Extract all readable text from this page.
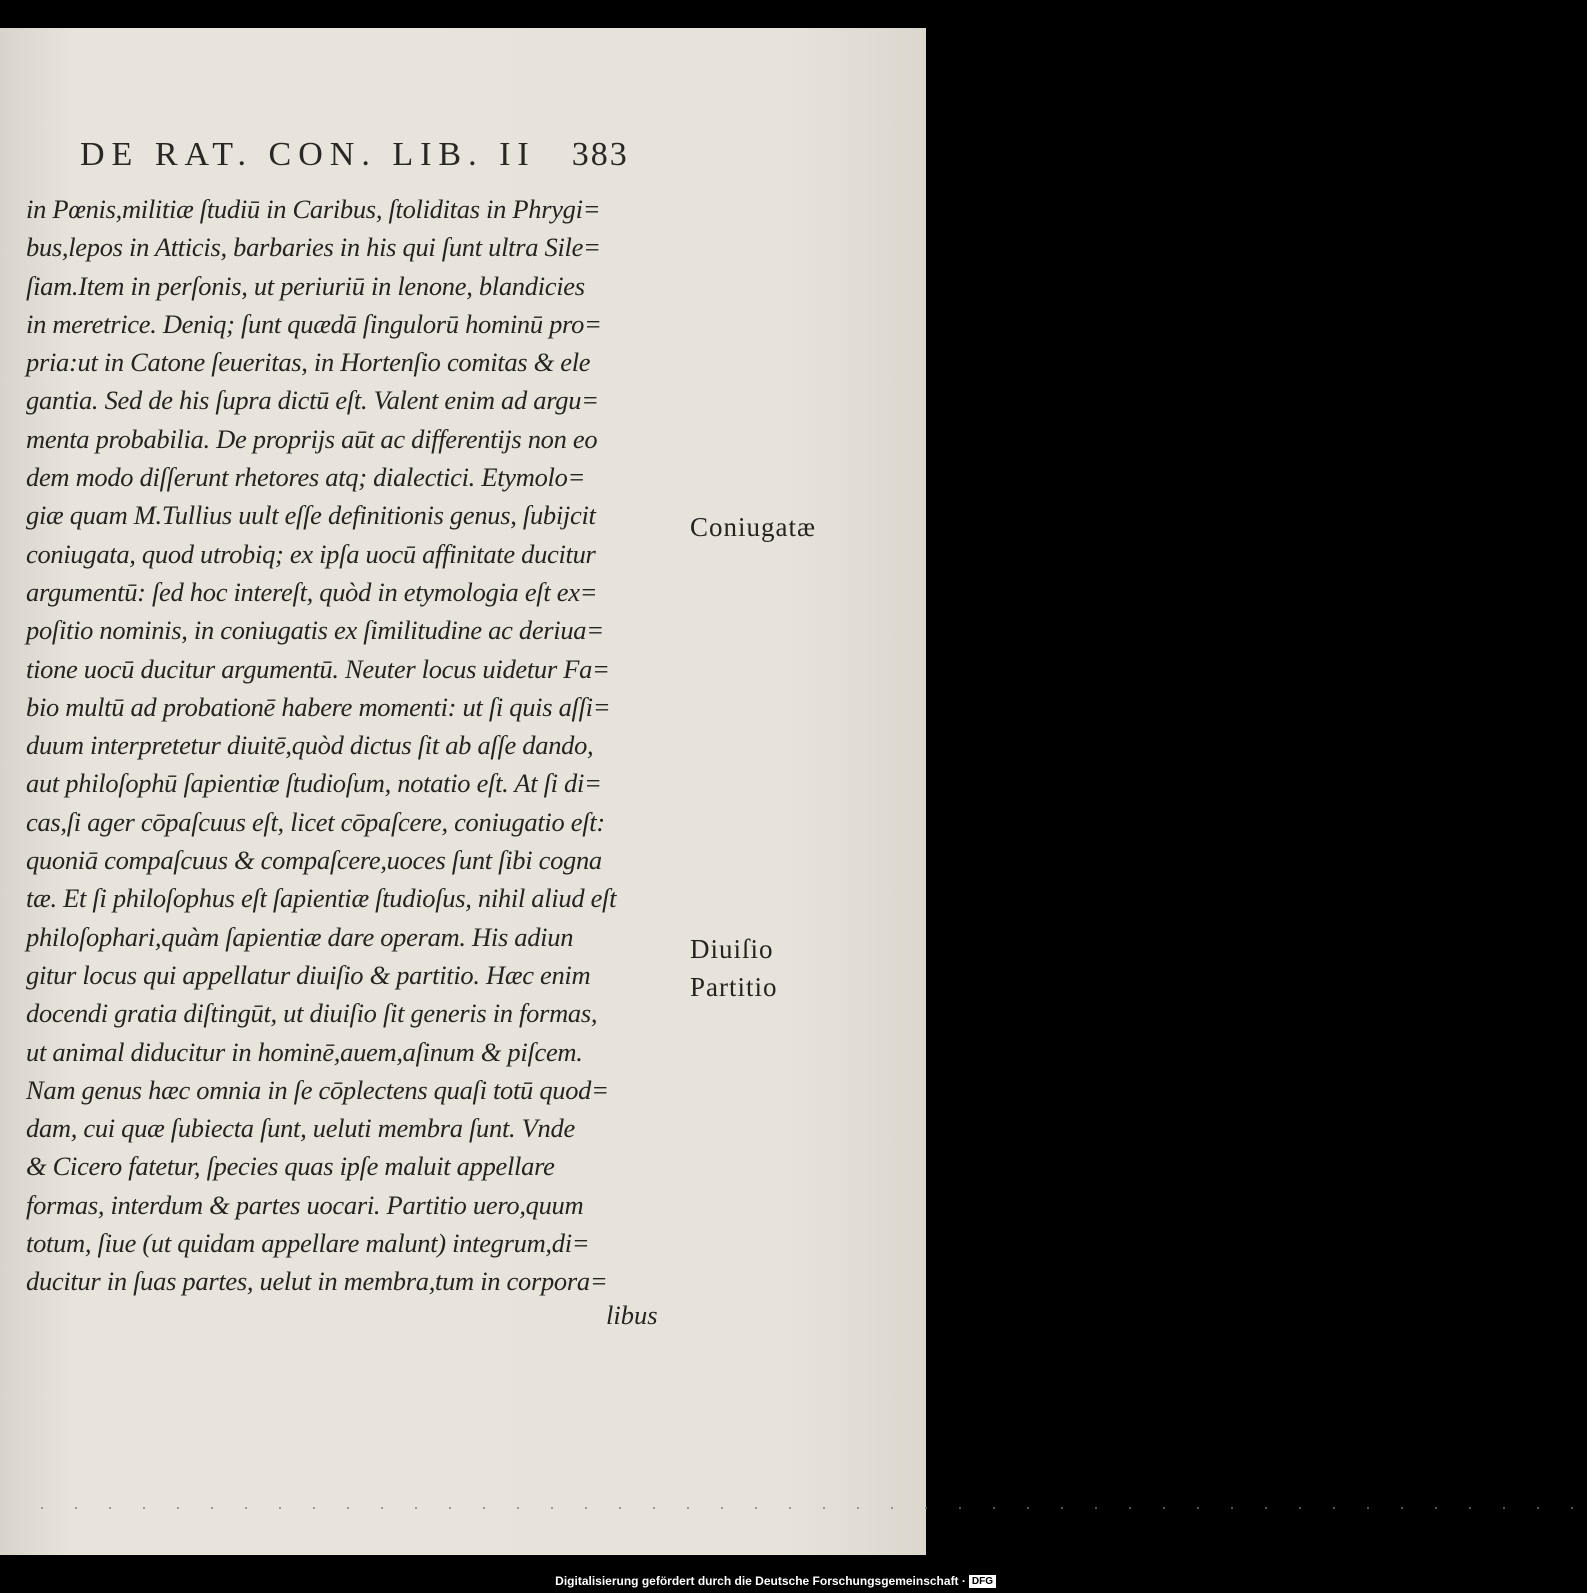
DE RAT. CON. LIB. II 383
in Pœnis,militiæ ſtudiū in Caribus, ſtoliditas in Phrygi=
bus,lepos in Atticis, barbaries in his qui ſunt ultra Sile=
ſiam.Item in perſonis, ut periuriū in lenone, blandicies
in meretrice. Deniq; ſunt quædā ſingulorū hominū pro=
pria:ut in Catone ſeueritas, in Hortenſio comitas & ele
gantia. Sed de his ſupra dictū eſt. Valent enim ad argu=
menta probabilia. De proprijs aūt ac differentijs non eo
dem modo diſſerunt rhetores atq; dialectici. Etymolo=
giæ quam M.Tullius uult eſſe definitionis genus, ſubijcit
coniugata, quod utrobiq; ex ipſa uocū affinitate ducitur
argumentū: ſed hoc intereſt, quòd in etymologia eſt ex=
poſitio nominis, in coniugatis ex ſimilitudine ac deriua=
tione uocū ducitur argumentū. Neuter locus uidetur Fa=
bio multū ad probationē habere momenti: ut ſi quis aſſi=
duum interpretetur diuitē,quòd dictus ſit ab aſſe dando,
aut philoſophū ſapientiæ ſtudioſum, notatio eſt. At ſi di=
cas,ſi ager cōpaſcuus eſt, licet cōpaſcere, coniugatio eſt:
quoniā compaſcuus & compaſcere,uoces ſunt ſibi cogna
tæ. Et ſi philoſophus eſt ſapientiæ ſtudioſus, nihil aliud eſt
philoſophari,quàm ſapientiæ dare operam. His adiun
gitur locus qui appellatur diuiſio & partitio. Hæc enim
docendi gratia diſtingūt, ut diuiſio ſit generis in formas,
ut animal diducitur in hominē,auem,aſinum & piſcem.
Nam genus hæc omnia in ſe cōplectens quaſi totū quod=
dam, cui quæ ſubiecta ſunt, ueluti membra ſunt. Vnde
& Cicero fatetur, ſpecies quas ipſe maluit appellare
formas, interdum & partes uocari. Partitio uero,quum
totum, ſiue (ut quidam appellare malunt) integrum,di=
ducitur in ſuas partes, uelut in membra,tum in corpora=
libus
Coniugatæ
Diuiſio
Partitio
. . . . . . . . . . . . . . . . . . . . . . . . . . . . . . . . . . . . . . . . . . . . . .
Digitalisierung gefördert durch die Deutsche Forschungsgemeinschaft · DFG
